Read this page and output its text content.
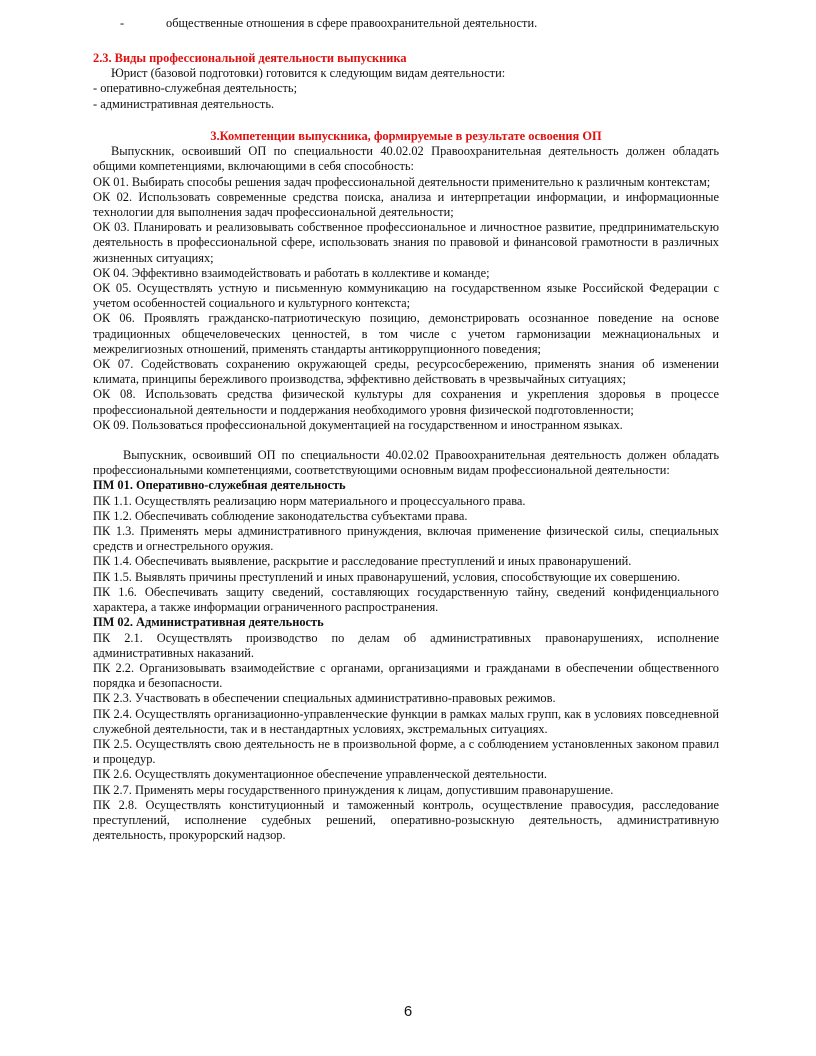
-	общественные отношения в сфере правоохранительной деятельности.

2.3. Виды профессиональной деятельности выпускника

Юрист (базовой подготовки) готовится к следующим видам деятельности:

- оперативно-служебная деятельность;

- административная деятельность.

3.Компетенции выпускника, формируемые в результате освоения ОП

Выпускник, освоивший ОП по специальности 40.02.02 Правоохранительная деятельность должен обладать общими компетенциями, включающими в себя способность:

ОК 01. Выбирать способы решения задач профессиональной деятельности применительно к различным контекстам;

ОК 02. Использовать современные средства поиска, анализа и интерпретации информации, и информационные технологии для выполнения задач профессиональной деятельности;

ОК 03. Планировать и реализовывать собственное профессиональное и личностное развитие, предпринимательскую деятельность в профессиональной сфере, использовать знания по правовой и финансовой грамотности в различных жизненных ситуациях;

ОК 04. Эффективно взаимодействовать и работать в коллективе и команде;

ОК 05. Осуществлять устную и письменную коммуникацию на государственном языке Российской Федерации с учетом особенностей социального и культурного контекста;

ОК 06. Проявлять гражданско-патриотическую позицию, демонстрировать осознанное поведение на основе традиционных общечеловеческих ценностей, в том числе с учетом гармонизации межнациональных и межрелигиозных отношений, применять стандарты антикоррупционного поведения;

ОК 07. Содействовать сохранению окружающей среды, ресурсосбережению, применять знания об изменении климата, принципы бережливого производства, эффективно действовать в чрезвычайных ситуациях;

ОК 08. Использовать средства физической культуры для сохранения и укрепления здоровья в процессе профессиональной деятельности и поддержания необходимого уровня физической подготовленности;

ОК 09. Пользоваться профессиональной документацией на государственном и иностранном языках.

Выпускник, освоивший ОП по специальности 40.02.02 Правоохранительная деятельность должен обладать профессиональными компетенциями, соответствующими основным видам профессиональной деятельности:

ПМ 01. Оперативно-служебная деятельность

ПК 1.1. Осуществлять реализацию норм материального и процессуального права.

ПК 1.2. Обеспечивать соблюдение законодательства субъектами права.

ПК 1.3. Применять меры административного принуждения, включая применение физической силы, специальных средств и огнестрельного оружия.

ПК 1.4. Обеспечивать выявление, раскрытие и расследование преступлений и иных правонарушений.

ПК 1.5. Выявлять причины преступлений и иных правонарушений, условия, способствующие их совершению.

ПК 1.6. Обеспечивать защиту сведений, составляющих государственную тайну, сведений конфиденциального характера, а также информации ограниченного распространения.

ПМ 02. Административная деятельность

ПК 2.1. Осуществлять производство по делам об административных правонарушениях, исполнение административных наказаний.

ПК 2.2. Организовывать взаимодействие с органами, организациями и гражданами в обеспечении общественного порядка и безопасности.

ПК 2.3. Участвовать в обеспечении специальных административно-правовых режимов.

ПК 2.4. Осуществлять организационно-управленческие функции в рамках малых групп, как в условиях повседневной служебной деятельности, так и в нестандартных условиях, экстремальных ситуациях.

ПК 2.5. Осуществлять свою деятельность не в произвольной форме, а с соблюдением установленных законом правил и процедур.

ПК 2.6. Осуществлять документационное обеспечение управленческой деятельности.

ПК 2.7. Применять меры государственного принуждения к лицам, допустившим правонарушение.

ПК 2.8. Осуществлять конституционный и таможенный контроль, осуществление правосудия, расследование преступлений, исполнение судебных решений, оперативно-розыскную деятельность, административную деятельность, прокурорский надзор.

6
